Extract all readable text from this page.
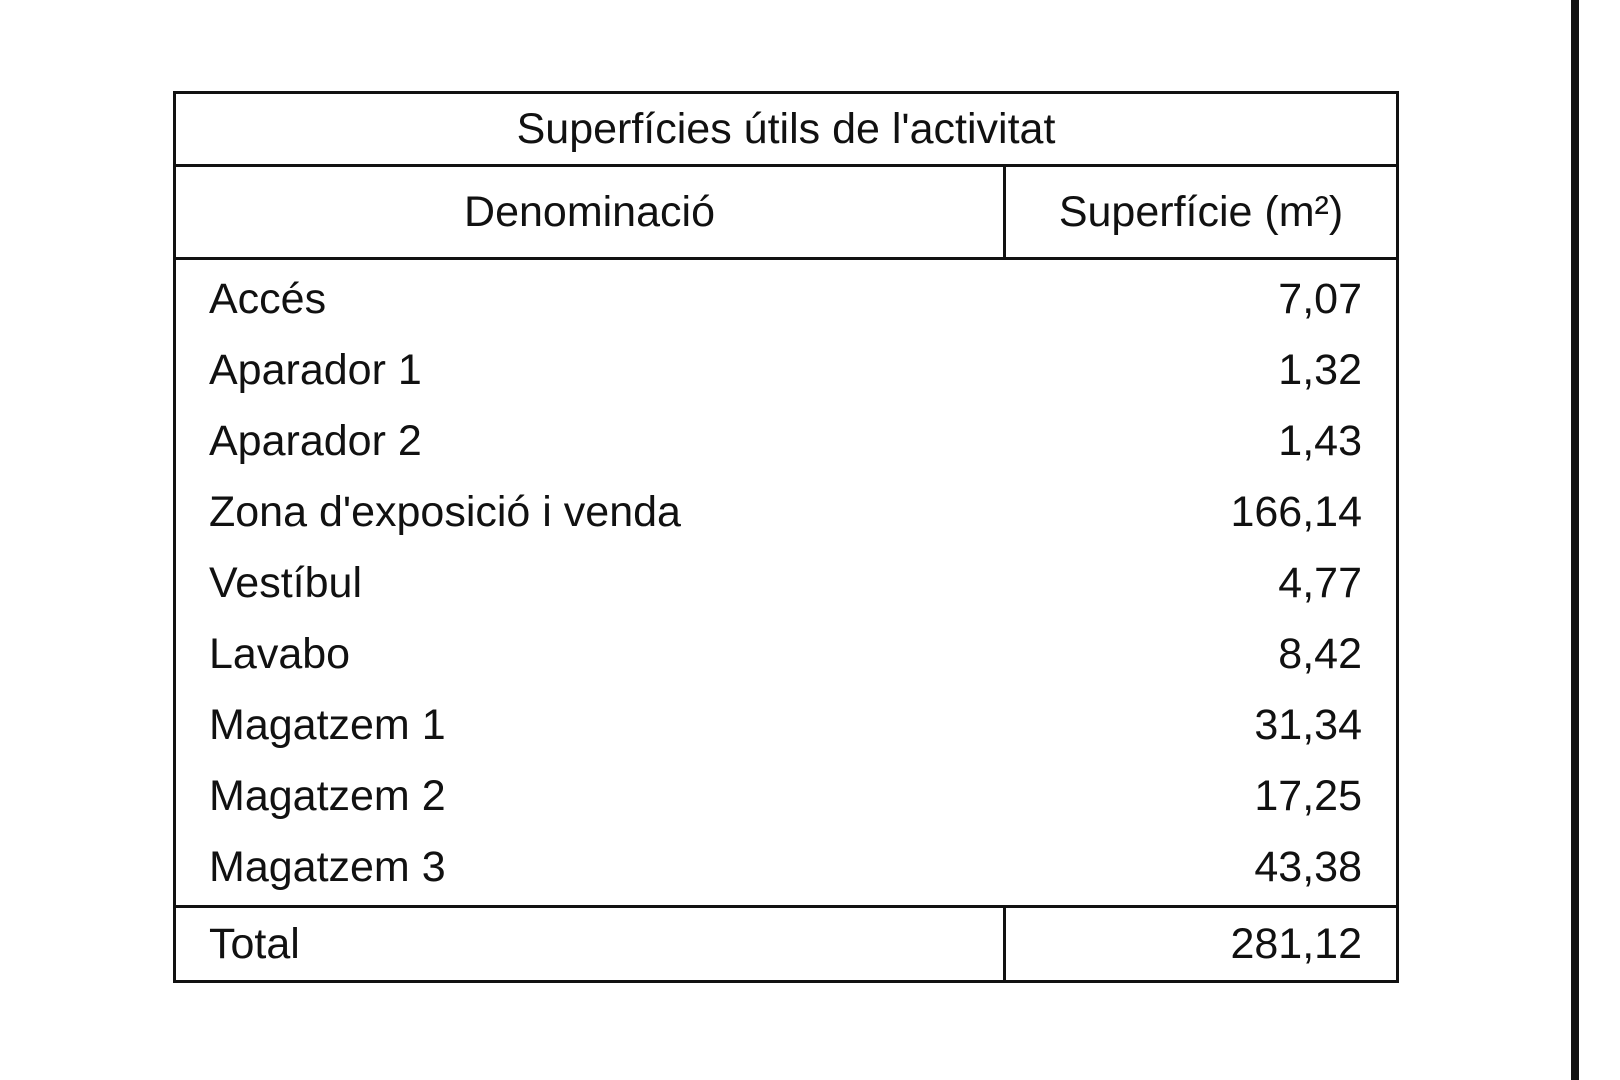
Superfícies útils de l'activitat
Denominació	Superfície (m²)
Accés	7,07
Aparador 1	1,32
Aparador 2	1,43
Zona d'exposició i venda	166,14
Vestíbul	4,77
Lavabo	8,42
Magatzem 1	31,34
Magatzem 2	17,25
Magatzem 3	43,38
Total	281,12
